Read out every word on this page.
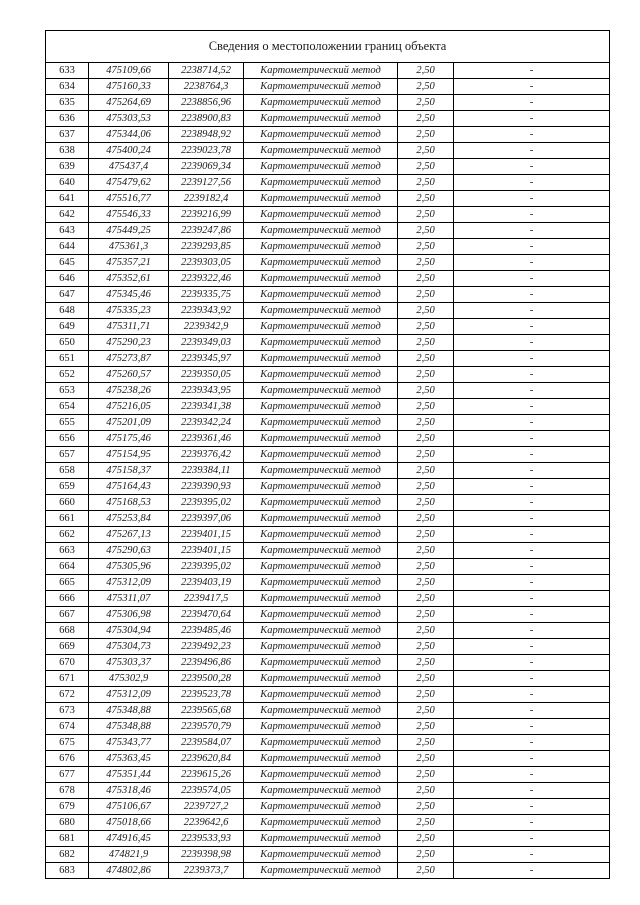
Сведения о местоположении границ объекта
633	475109,66	2238714,52	Картометрический метод	2,50	-
634	475160,33	2238764,3	Картометрический метод	2,50	-
635	475264,69	2238856,96	Картометрический метод	2,50	-
636	475303,53	2238900,83	Картометрический метод	2,50	-
637	475344,06	2238948,92	Картометрический метод	2,50	-
638	475400,24	2239023,78	Картометрический метод	2,50	-
639	475437,4	2239069,34	Картометрический метод	2,50	-
640	475479,62	2239127,56	Картометрический метод	2,50	-
641	475516,77	2239182,4	Картометрический метод	2,50	-
642	475546,33	2239216,99	Картометрический метод	2,50	-
643	475449,25	2239247,86	Картометрический метод	2,50	-
644	475361,3	2239293,85	Картометрический метод	2,50	-
645	475357,21	2239303,05	Картометрический метод	2,50	-
646	475352,61	2239322,46	Картометрический метод	2,50	-
647	475345,46	2239335,75	Картометрический метод	2,50	-
648	475335,23	2239343,92	Картометрический метод	2,50	-
649	475311,71	2239342,9	Картометрический метод	2,50	-
650	475290,23	2239349,03	Картометрический метод	2,50	-
651	475273,87	2239345,97	Картометрический метод	2,50	-
652	475260,57	2239350,05	Картометрический метод	2,50	-
653	475238,26	2239343,95	Картометрический метод	2,50	-
654	475216,05	2239341,38	Картометрический метод	2,50	-
655	475201,09	2239342,24	Картометрический метод	2,50	-
656	475175,46	2239361,46	Картометрический метод	2,50	-
657	475154,95	2239376,42	Картометрический метод	2,50	-
658	475158,37	2239384,11	Картометрический метод	2,50	-
659	475164,43	2239390,93	Картометрический метод	2,50	-
660	475168,53	2239395,02	Картометрический метод	2,50	-
661	475253,84	2239397,06	Картометрический метод	2,50	-
662	475267,13	2239401,15	Картометрический метод	2,50	-
663	475290,63	2239401,15	Картометрический метод	2,50	-
664	475305,96	2239395,02	Картометрический метод	2,50	-
665	475312,09	2239403,19	Картометрический метод	2,50	-
666	475311,07	2239417,5	Картометрический метод	2,50	-
667	475306,98	2239470,64	Картометрический метод	2,50	-
668	475304,94	2239485,46	Картометрический метод	2,50	-
669	475304,73	2239492,23	Картометрический метод	2,50	-
670	475303,37	2239496,86	Картометрический метод	2,50	-
671	475302,9	2239500,28	Картометрический метод	2,50	-
672	475312,09	2239523,78	Картометрический метод	2,50	-
673	475348,88	2239565,68	Картометрический метод	2,50	-
674	475348,88	2239570,79	Картометрический метод	2,50	-
675	475343,77	2239584,07	Картометрический метод	2,50	-
676	475363,45	2239620,84	Картометрический метод	2,50	-
677	475351,44	2239615,26	Картометрический метод	2,50	-
678	475318,46	2239574,05	Картометрический метод	2,50	-
679	475106,67	2239727,2	Картометрический метод	2,50	-
680	475018,66	2239642,6	Картометрический метод	2,50	-
681	474916,45	2239533,93	Картометрический метод	2,50	-
682	474821,9	2239398,98	Картометрический метод	2,50	-
683	474802,86	2239373,7	Картометрический метод	2,50	-
